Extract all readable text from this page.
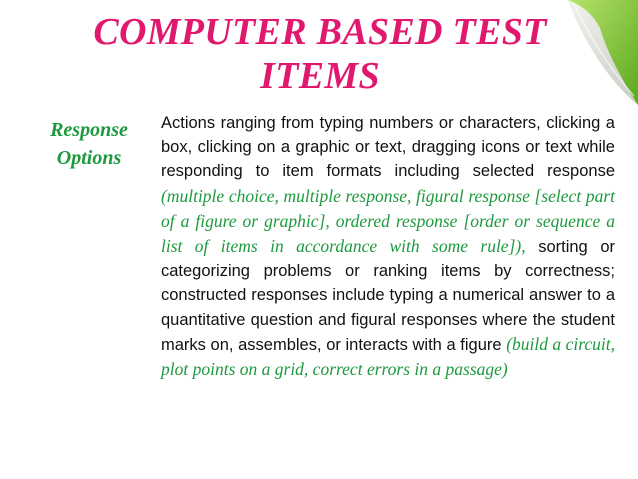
COMPUTER BASED TEST
ITEMS
Response
Options

Actions ranging from typing numbers or characters, clicking a box, clicking on a graphic or text, dragging icons or text while responding to item formats including selected response (multiple choice, multiple response, figural response [select part of a figure or graphic], ordered response [order or sequence a list of items in accordance with some rule]), sorting or categorizing problems or ranking items by correctness; constructed responses include typing a numerical answer to a quantitative question and figural responses where the student marks on, assembles, or interacts with a figure (build a circuit, plot points on a grid, correct errors in a passage)
